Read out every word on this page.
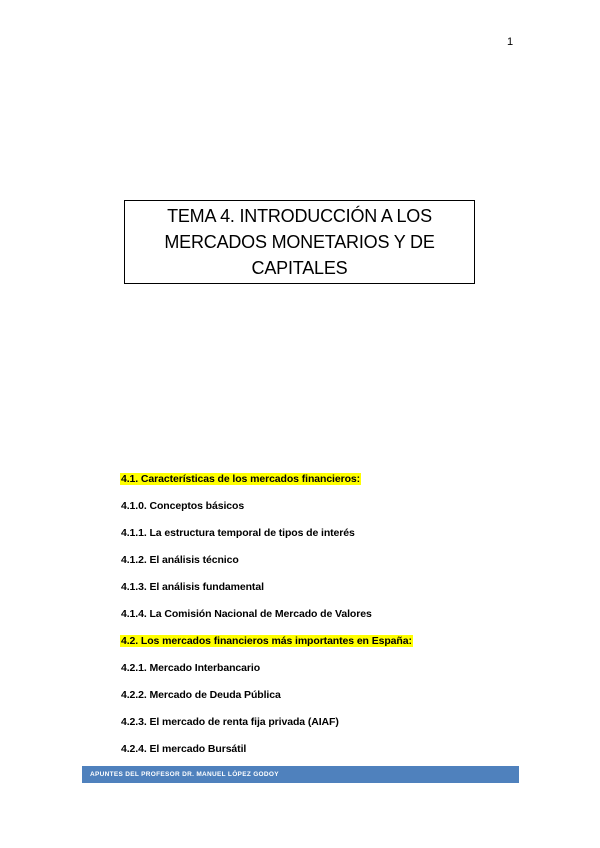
1
TEMA 4. INTRODUCCIÓN A LOS MERCADOS MONETARIOS Y DE CAPITALES
4.1. Características de los mercados financieros:
4.1.0. Conceptos básicos
4.1.1. La estructura temporal de tipos de interés
4.1.2. El análisis técnico
4.1.3. El análisis fundamental
4.1.4. La Comisión Nacional de Mercado de Valores
4.2. Los mercados financieros más importantes en España:
4.2.1. Mercado Interbancario
4.2.2. Mercado de Deuda Pública
4.2.3. El mercado de renta fija privada (AIAF)
4.2.4. El mercado Bursátil
APUNTES DEL PROFESOR DR. MANUEL LÓPEZ GODOY
